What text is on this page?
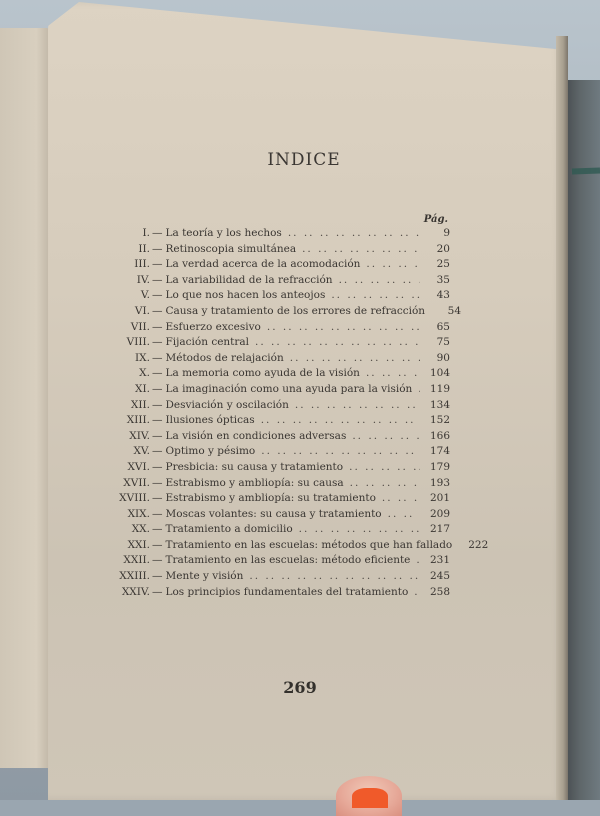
INDICE
Pág.
I. — La teoría y los hechos .. ..	9
II. — Retinoscopia simultánea .. ..	20
III. — La verdad acerca de la acomodación .. ..	25
IV. — La variabilidad de la refracción .. ..	35
V. — Lo que nos hacen los anteojos .. ..	43
VI. — Causa y tratamiento de los errores de refracción	54
VII. — Esfuerzo excesivo .. ..	65
VIII. — Fijación central .. ..	75
IX. — Métodos de relajación .. ..	90
X. — La memoria como ayuda de la visión .. ..	104
XI. — La imaginación como una ayuda para la visión .. ..	119
XII. — Desviación y oscilación .. ..	134
XIII. — Ilusiones ópticas .. ..	152
XIV. — La visión en condiciones adversas .. ..	166
XV. — Optimo y pésimo .. ..	174
XVI. — Presbicia: su causa y tratamiento .. ..	179
XVII. — Estrabismo y ambliopía: su causa .. ..	193
XVIII. — Estrabismo y ambliopía: su tratamiento .. ..	201
XIX. — Moscas volantes: su causa y tratamiento .. ..	209
XX. — Tratamiento a domicilio .. ..	217
XXI. — Tratamiento en las escuelas: métodos que han fallado	222
XXII. — Tratamiento en las escuelas: método eficiente .. ..	231
XXIII. — Mente y visión .. ..	245
XXIV. — Los principios fundamentales del tratamiento .. ..	258
269
